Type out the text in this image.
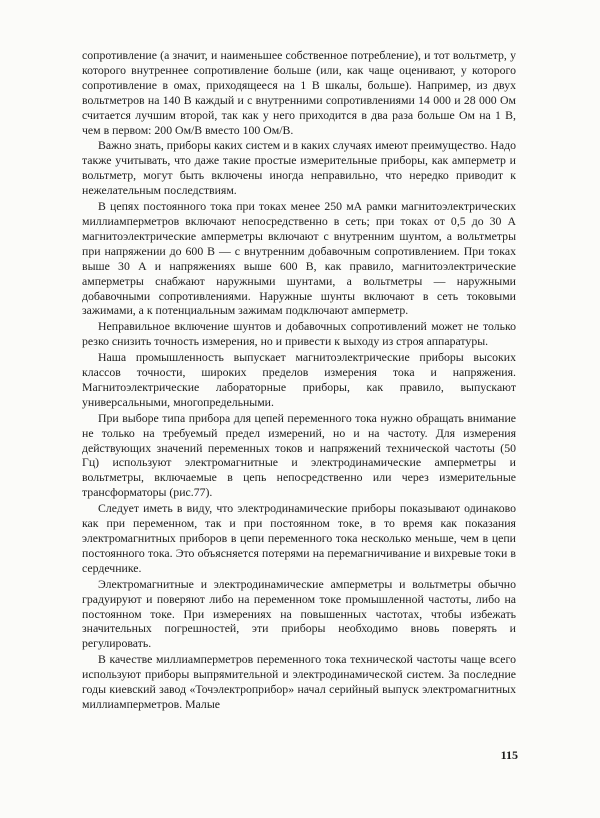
сопротивление (а значит, и наименьшее собственное потребление), и тот вольтметр, у которого внутреннее сопротивление больше (или, как чаще оценивают, у которого сопротивление в омах, приходящееся на 1 В шкалы, больше). Например, из двух вольтметров на 140 В каждый и с внутренними сопротивлениями 14 000 и 28 000 Ом считается лучшим второй, так как у него приходится в два раза больше Ом на 1 В, чем в первом: 200 Ом/В вместо 100 Ом/В.

Важно знать, приборы каких систем и в каких случаях имеют преимущество. Надо также учитывать, что даже такие простые измерительные приборы, как амперметр и вольтметр, могут быть включены иногда неправильно, что нередко приводит к нежелательным последствиям.

В цепях постоянного тока при токах менее 250 мА рамки магнитоэлектрических миллиамперметров включают непосредственно в сеть; при токах от 0,5 до 30 А магнитоэлектрические амперметры включают с внутренним шунтом, а вольтметры при напряжении до 600 В — с внутренним добавочным сопротивлением. При токах выше 30 А и напряжениях выше 600 В, как правило, магнитоэлектрические амперметры снабжают наружными шунтами, а вольтметры — наружными добавочными сопротивлениями. Наружные шунты включают в сеть токовыми зажимами, а к потенциальным зажимам подключают амперметр.

Неправильное включение шунтов и добавочных сопротивлений может не только резко снизить точность измерения, но и привести к выходу из строя аппаратуры.

Наша промышленность выпускает магнитоэлектрические приборы высоких классов точности, широких пределов измерения тока и напряжения. Магнитоэлектрические лабораторные приборы, как правило, выпускают универсальными, многопредельными.

При выборе типа прибора для цепей переменного тока нужно обращать внимание не только на требуемый предел измерений, но и на частоту. Для измерения действующих значений переменных токов и напряжений технической частоты (50 Гц) используют электромагнитные и электродинамические амперметры и вольтметры, включаемые в цепь непосредственно или через измерительные трансформаторы (рис.77).

Следует иметь в виду, что электродинамические приборы показывают одинаково как при переменном, так и при постоянном токе, в то время как показания электромагнитных приборов в цепи переменного тока несколько меньше, чем в цепи постоянного тока. Это объясняется потерями на перемагничивание и вихревые токи в сердечнике.

Электромагнитные и электродинамические амперметры и вольтметры обычно градуируют и поверяют либо на переменном токе промышленной частоты, либо на постоянном токе. При измерениях на повышенных частотах, чтобы избежать значительных погрешностей, эти приборы необходимо вновь поверять и регулировать.

В качестве миллиамперметров переменного тока технической частоты чаще всего используют приборы выпрямительной и электродинамической систем. За последние годы киевский завод «Точэлектроприбор» начал серийный выпуск электромагнитных миллиамперметров. Малые

115
